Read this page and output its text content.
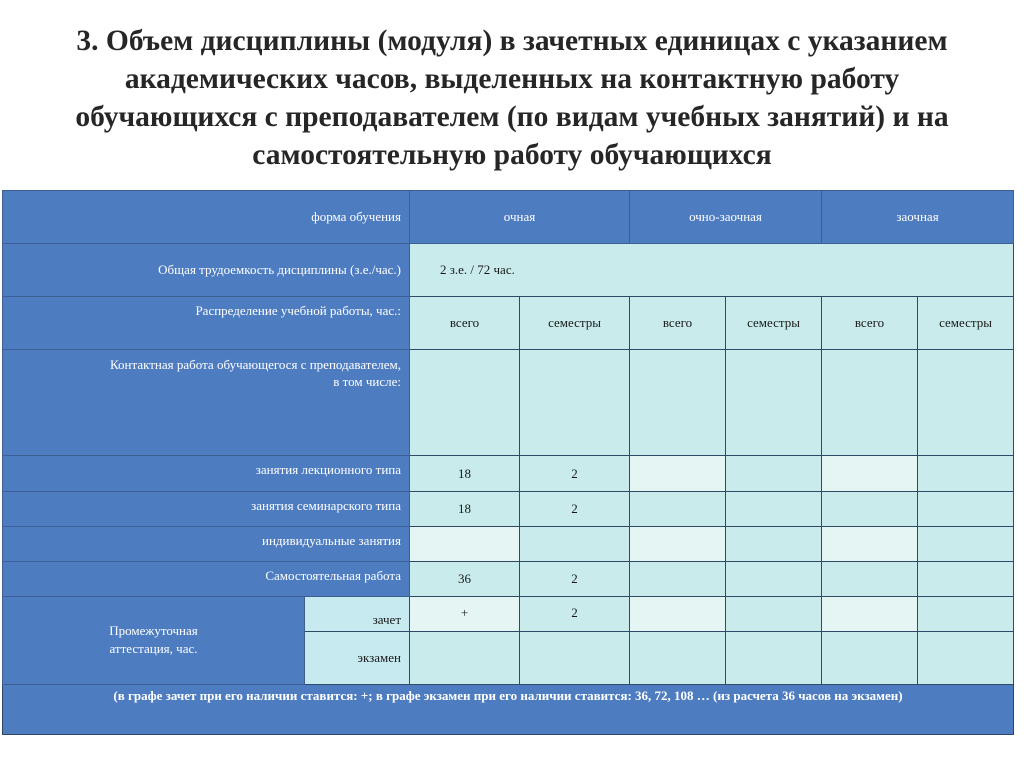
3. Объем дисциплины (модуля) в зачетных единицах с указанием
академических часов, выделенных на контактную работу
обучающихся с преподавателем (по видам учебных занятий) и на
самостоятельную работу обучающихся
форма обучения		очная		очно-заочная		заочная	
Общая трудоемкость дисциплины (з.е./час.)		2 з.е. / 72 час.					
Распределение учебной работы, час.:		всего	семестры	всего	семестры	всего	семестры
Контактная работа обучающегося с преподавателем,
в том числе:							
занятия лекционного типа		18	2				
занятия семинарского типа		18	2				
индивидуальные занятия							
Самостоятельная работа		36	2				
Промежуточная
аттестация, час.	зачет	+	2				
	экзамен						
(в графе зачет при его наличии ставится: +; в графе экзамен при его наличии ставится: 36, 72, 108 … (из расчета 36 часов на экзамен)							
